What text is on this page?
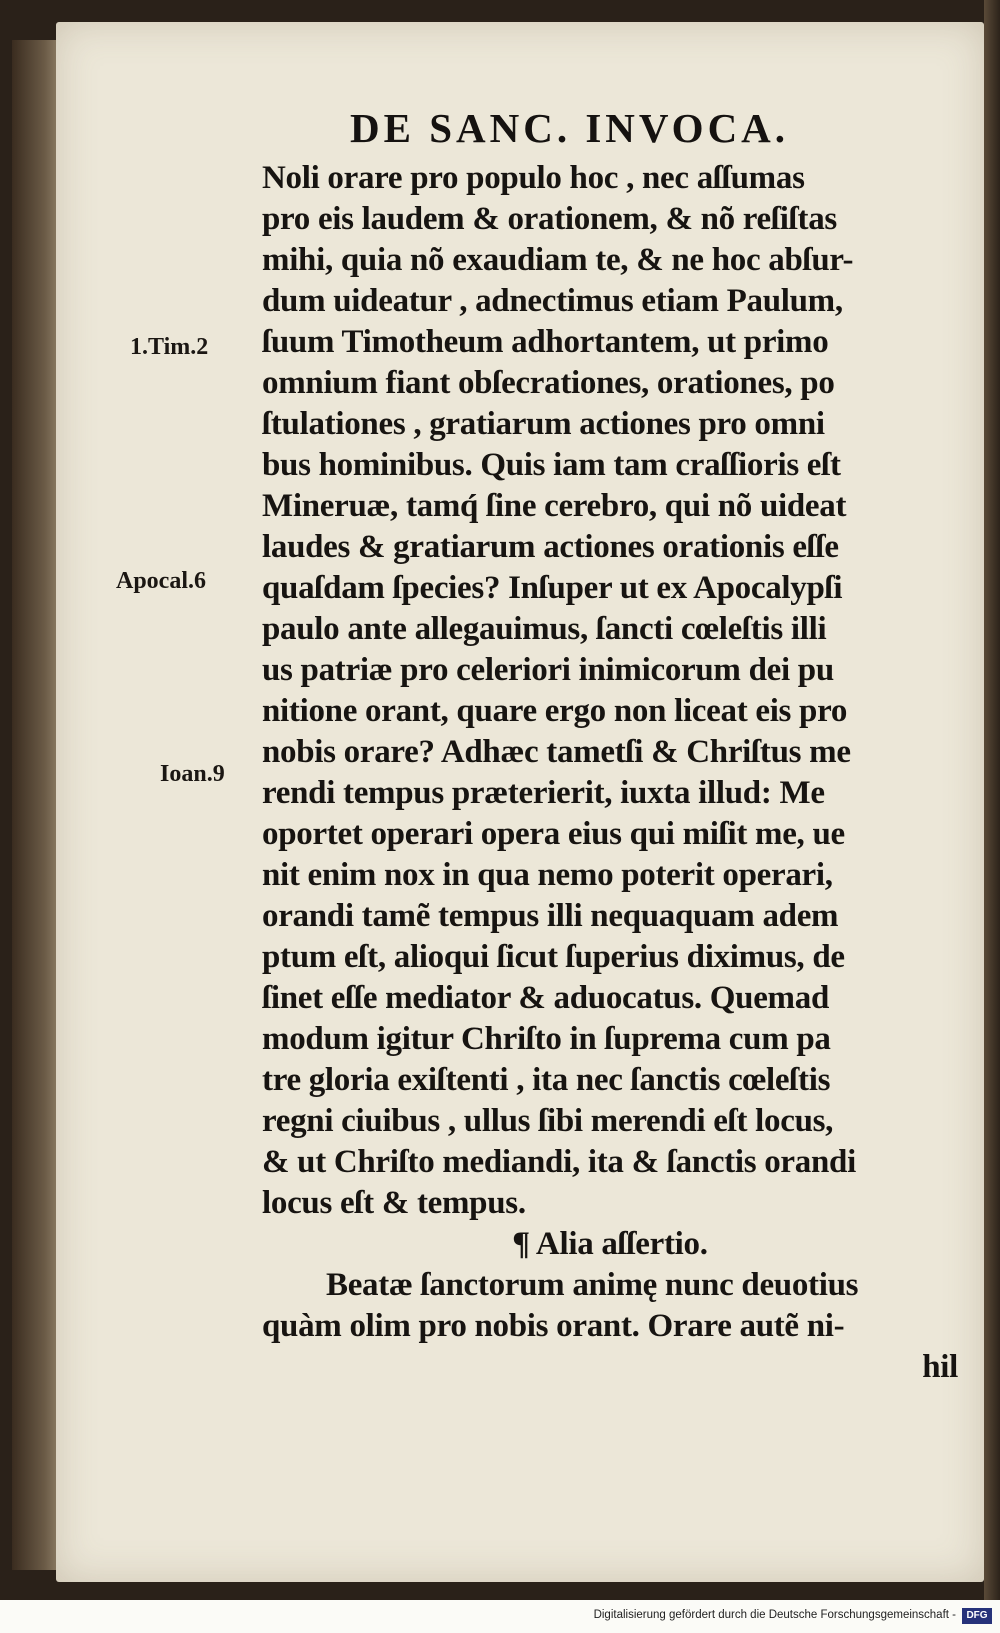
DE SANC. INVOCA.
1.Tim.2
Apocal.6
Ioan.9
Noli orare pro populo hoc , nec aſſumas
pro eis laudem & orationem, & nõ reſiſtas
mihi, quia nõ exaudiam te, & ne hoc abſur-
dum uideatur , adnectimus etiam Paulum,
ſuum Timotheum adhortantem, ut primo
omnium fiant obſecrationes, orationes, po
ſtulationes , gratiarum actiones pro omni
bus hominibus. Quis iam tam craſſioris eſt
Mineruæ, tamq́ ſine cerebro, qui nõ uideat
laudes & gratiarum actiones orationis eſſe
quaſdam ſpecies? Inſuper ut ex Apocalypſi
paulo ante allegauimus, ſancti cœleſtis illi
us patriæ pro celeriori inimicorum dei pu
nitione orant, quare ergo non liceat eis pro
nobis orare? Adhæc tametſi & Chriſtus me
rendi tempus præterierit, iuxta illud: Me
oportet operari opera eius qui miſit me, ue
nit enim nox in qua nemo poterit operari,
orandi tamẽ tempus illi nequaquam adem
ptum eſt, alioqui ſicut ſuperius diximus, de
ſinet eſſe mediator & aduocatus. Quemad
modum igitur Chriſto in ſuprema cum pa
tre gloria exiſtenti , ita nec ſanctis cœleſtis
regni ciuibus , ullus ſibi merendi eſt locus,
& ut Chriſto mediandi, ita & ſanctis orandi
locus eſt & tempus.
¶ Alia aſſertio.
Beatæ ſanctorum animę nunc deuotius
quàm olim pro nobis orant. Orare autẽ ni-
hil
Digitalisierung gefördert durch die Deutsche Forschungsgemeinschaft -	DFG
